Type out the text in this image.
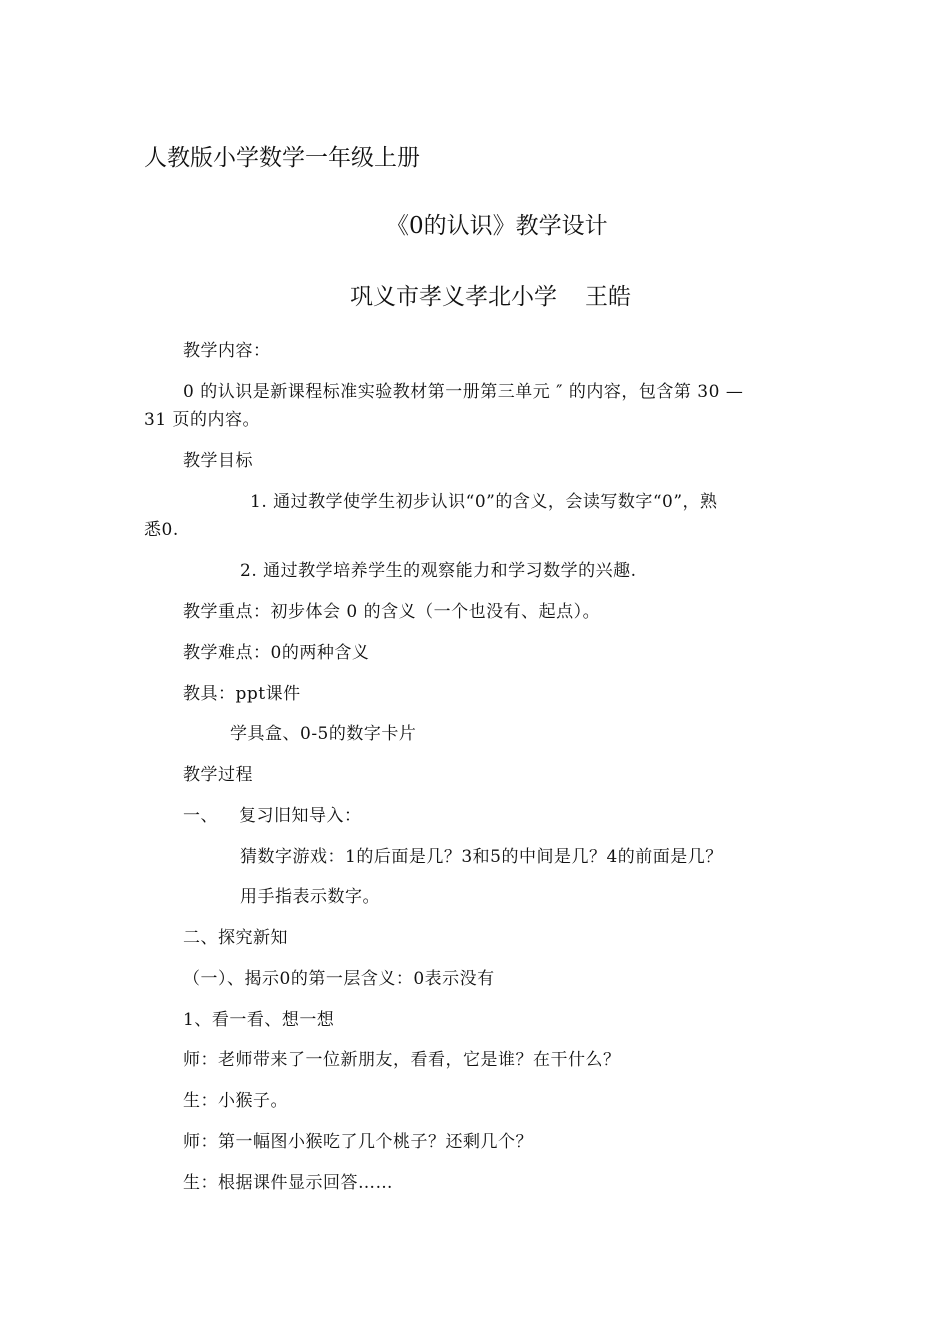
人教版小学数学一年级上册
《0的认识》教学设计
巩义市孝义孝北小学 王皓
教学内容：
0 的认识是新课程标准实验教材第一册第三单元 ″ 的内容，包含第 30 —
31 页的内容。
教学目标
1. 通过教学使学生初步认识“0”的含义，会读写数字“0”，熟
悉0.
2. 通过教学培养学生的观察能力和学习数学的兴趣.
教学重点：初步体会 0 的含义（一个也没有、起点）。
教学难点：0的两种含义
教具：ppt课件
学具盒、0-5的数字卡片
教学过程
一、 复习旧知导入：
猜数字游戏：1的后面是几？3和5的中间是几？4的前面是几？
用手指表示数字。
二、探究新知
（一）、揭示0的第一层含义：0表示没有
1、看一看、想一想
师：老师带来了一位新朋友，看看，它是谁？在干什么？
生：小猴子。
师：第一幅图小猴吃了几个桃子？还剩几个？
生：根据课件显示回答……
